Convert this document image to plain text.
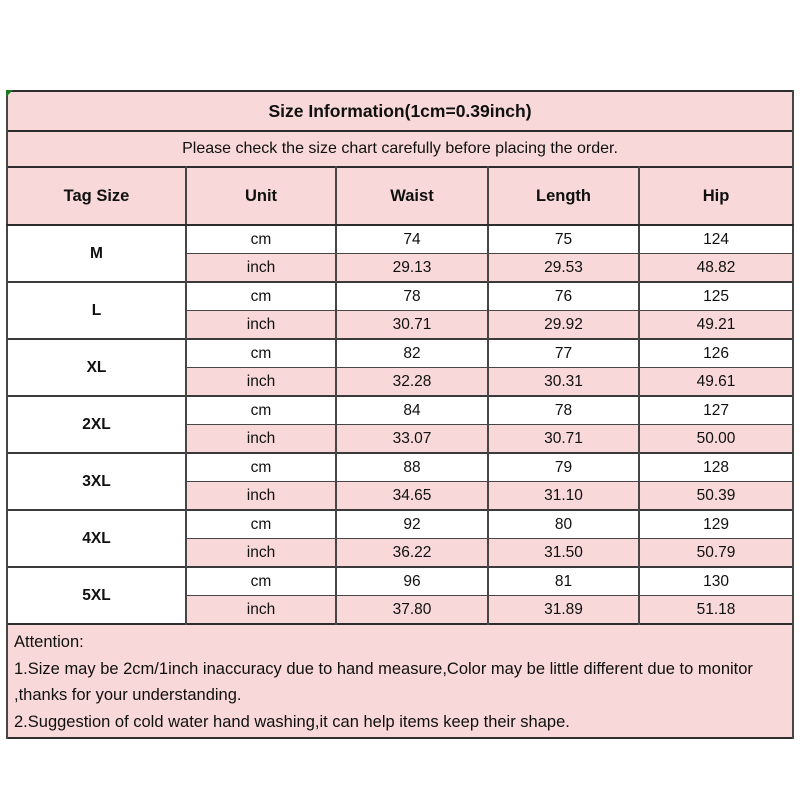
Size Information(1cm=0.39inch)				
Please check the size chart carefully before placing the order.				
Tag Size	Unit	Waist	Length	Hip
M	cm	74	75	124
	inch	29.13	29.53	48.82
L	cm	78	76	125
	inch	30.71	29.92	49.21
XL	cm	82	77	126
	inch	32.28	30.31	49.61
2XL	cm	84	78	127
	inch	33.07	30.71	50.00
3XL	cm	88	79	128
	inch	34.65	31.10	50.39
4XL	cm	92	80	129
	inch	36.22	31.50	50.79
5XL	cm	96	81	130
	inch	37.80	31.89	51.18

Attention:
1.Size may be 2cm/1inch inaccuracy due to hand measure,Color may be little different due to monitor ,thanks for your understanding.
2.Suggestion of cold water hand washing,it can help items keep their shape.				
